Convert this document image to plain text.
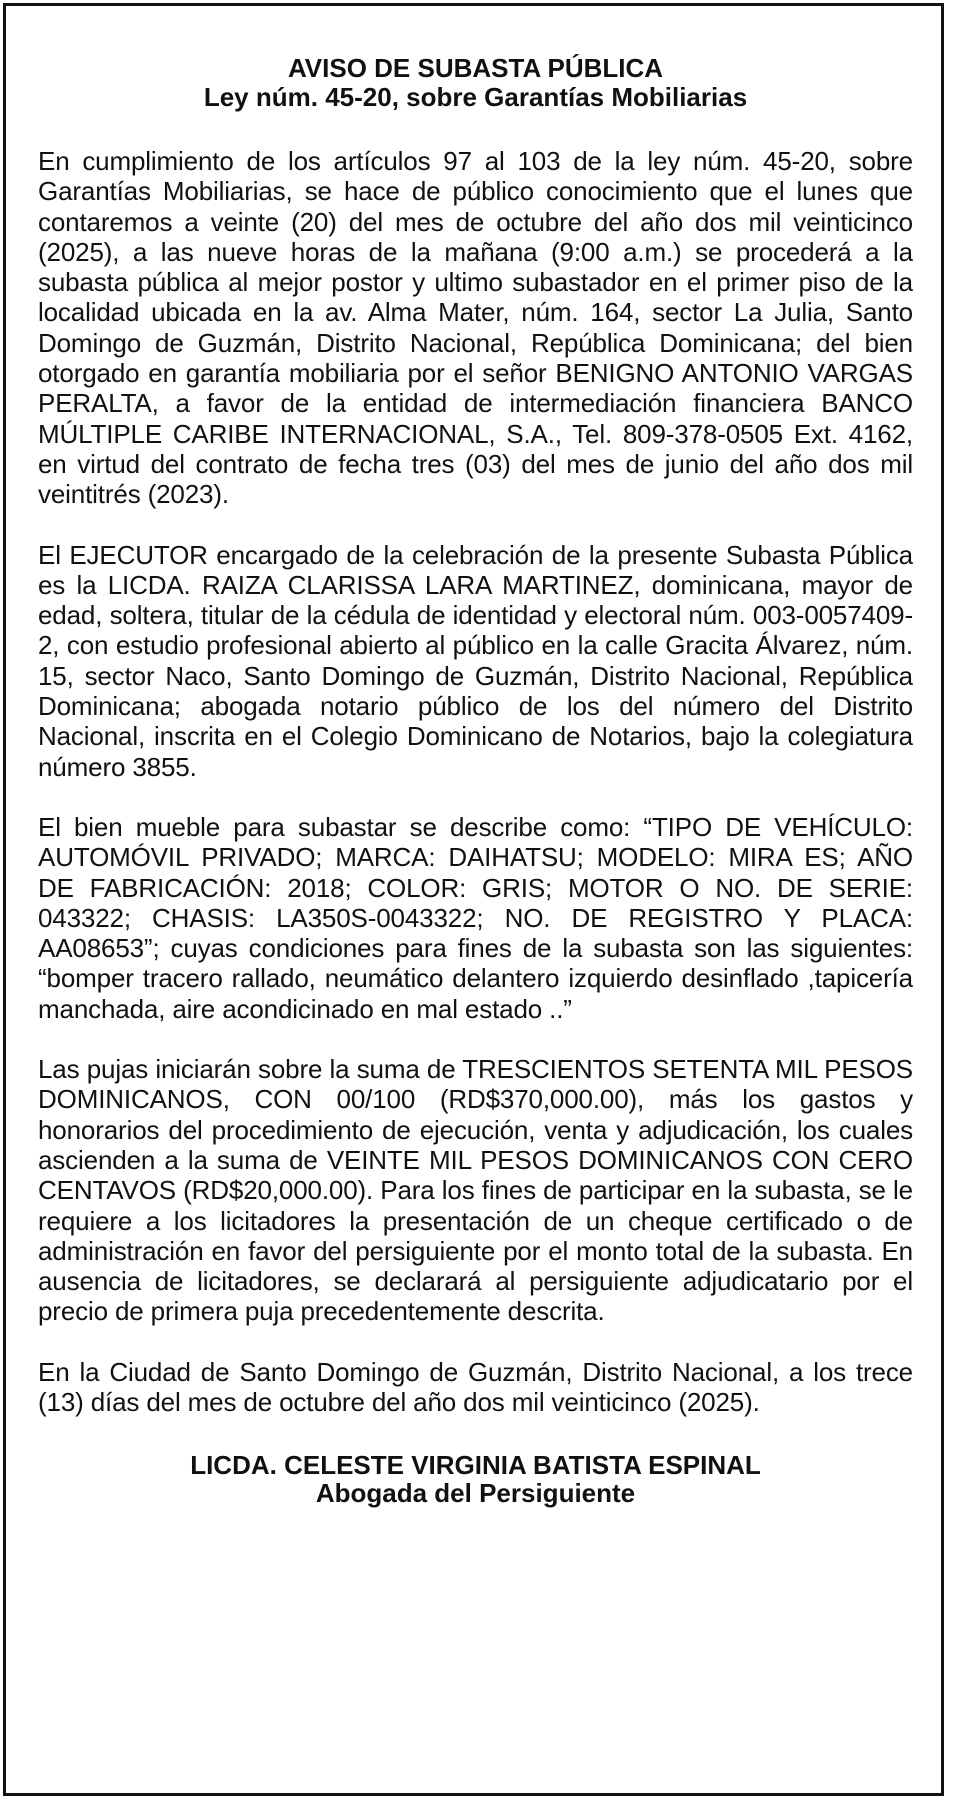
AVISO DE SUBASTA PÚBLICA

Ley núm. 45-20, sobre Garantías Mobiliarias

En cumplimiento de los artículos 97 al 103 de la ley núm. 45-20, sobre Garantías Mobiliarias, se hace de público conocimiento que el lunes que contaremos a veinte (20) del mes de octubre del año dos mil veinticinco (2025), a las nueve horas de la mañana (9:00 a.m.) se procederá a la subasta pública al mejor postor y ultimo subastador en el primer piso de la localidad ubicada en la av. Alma Mater, núm. 164, sector La Julia, Santo Domingo de Guzmán, Distrito Nacional, República Dominicana; del bien otorgado en garantía mobiliaria por el señor BENIGNO ANTONIO VARGAS PERALTA, a favor de la entidad de intermediación financiera BANCO MÚLTIPLE CARIBE INTERNACIONAL, S.A., Tel. 809-378-0505 Ext. 4162, en virtud del contrato de fecha tres (03) del mes de junio del año dos mil veintitrés (2023).

El EJECUTOR encargado de la celebración de la presente Subasta Pública es la LICDA. RAIZA CLARISSA LARA MARTINEZ, dominicana, mayor de edad, soltera, titular de la cédula de identidad y electoral núm. 003-0057409-2, con estudio profesional abierto al público en la calle Gracita Álvarez, núm. 15, sector Naco, Santo Domingo de Guzmán, Distrito Nacional, República Dominicana; abogada notario público de los del número del Distrito Nacional, inscrita en el Colegio Dominicano de Notarios, bajo la colegiatura número 3855.

El bien mueble para subastar se describe como: “TIPO DE VEHÍCULO: AUTOMÓVIL PRIVADO; MARCA: DAIHATSU; MODELO: MIRA ES; AÑO DE FABRICACIÓN: 2018; COLOR: GRIS; MOTOR O NO. DE SERIE: 043322; CHASIS: LA350S-0043322; NO. DE REGISTRO Y PLACA: AA08653”; cuyas condiciones para fines de la subasta son las siguientes: “bomper tracero rallado, neumático delantero izquierdo desinflado ,tapicería manchada, aire acondicinado en mal estado ..”

Las pujas iniciarán sobre la suma de TRESCIENTOS SETENTA MIL PESOS DOMINICANOS, CON 00/100 (RD$370,000.00), más los gastos y honorarios del procedimiento de ejecución, venta y adjudicación, los cuales ascienden a la suma de VEINTE MIL PESOS DOMINICANOS CON CERO CENTAVOS (RD$20,000.00). Para los fines de participar en la subasta, se le requiere a los licitadores la presentación de un cheque certificado o de administración en favor del persiguiente por el monto total de la subasta. En ausencia de licitadores, se declarará al persiguiente adjudicatario por el precio de primera puja precedentemente descrita.

En la Ciudad de Santo Domingo de Guzmán, Distrito Nacional, a los trece (13) días del mes de octubre del año dos mil veinticinco (2025).

LICDA. CELESTE VIRGINIA BATISTA ESPINAL

Abogada del Persiguiente
